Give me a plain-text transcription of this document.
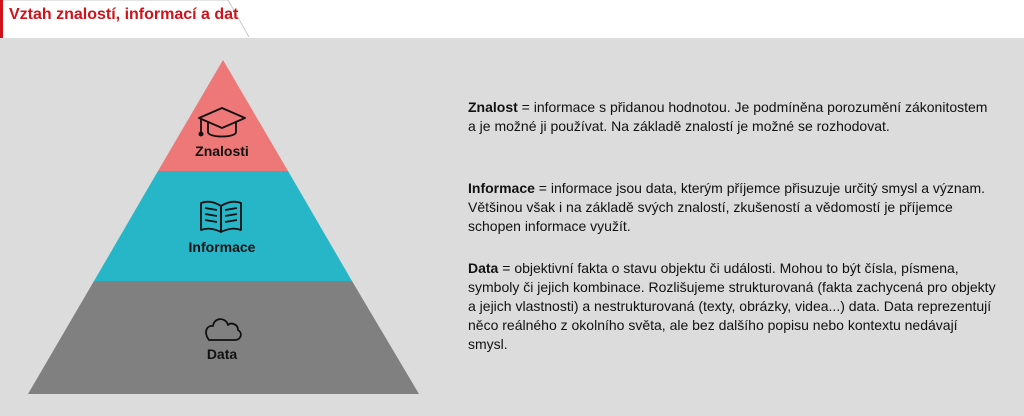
Vztah znalostí, informací a dat
Znalosti
Informace
Data
Znalost = informace s přidanou hodnotou. Je podmíněna porozumění zákonitostem a je možné ji používat. Na základě znalostí je možné se rozhodovat.
Informace = informace jsou data, kterým příjemce přisuzuje určitý smysl a význam. Většinou však i na základě svých znalostí, zkušeností a vědomostí je příjemce schopen informace využít.
Data = objektivní fakta o stavu objektu či události. Mohou to být čísla, písmena, symboly či jejich kombinace. Rozlišujeme strukturovaná (fakta zachycená pro objekty a jejich vlastnosti) a nestrukturovaná (texty, obrázky, videa...) data. Data reprezentují něco reálného z okolního světa, ale bez dalšího popisu nebo kontextu nedávají smysl.
